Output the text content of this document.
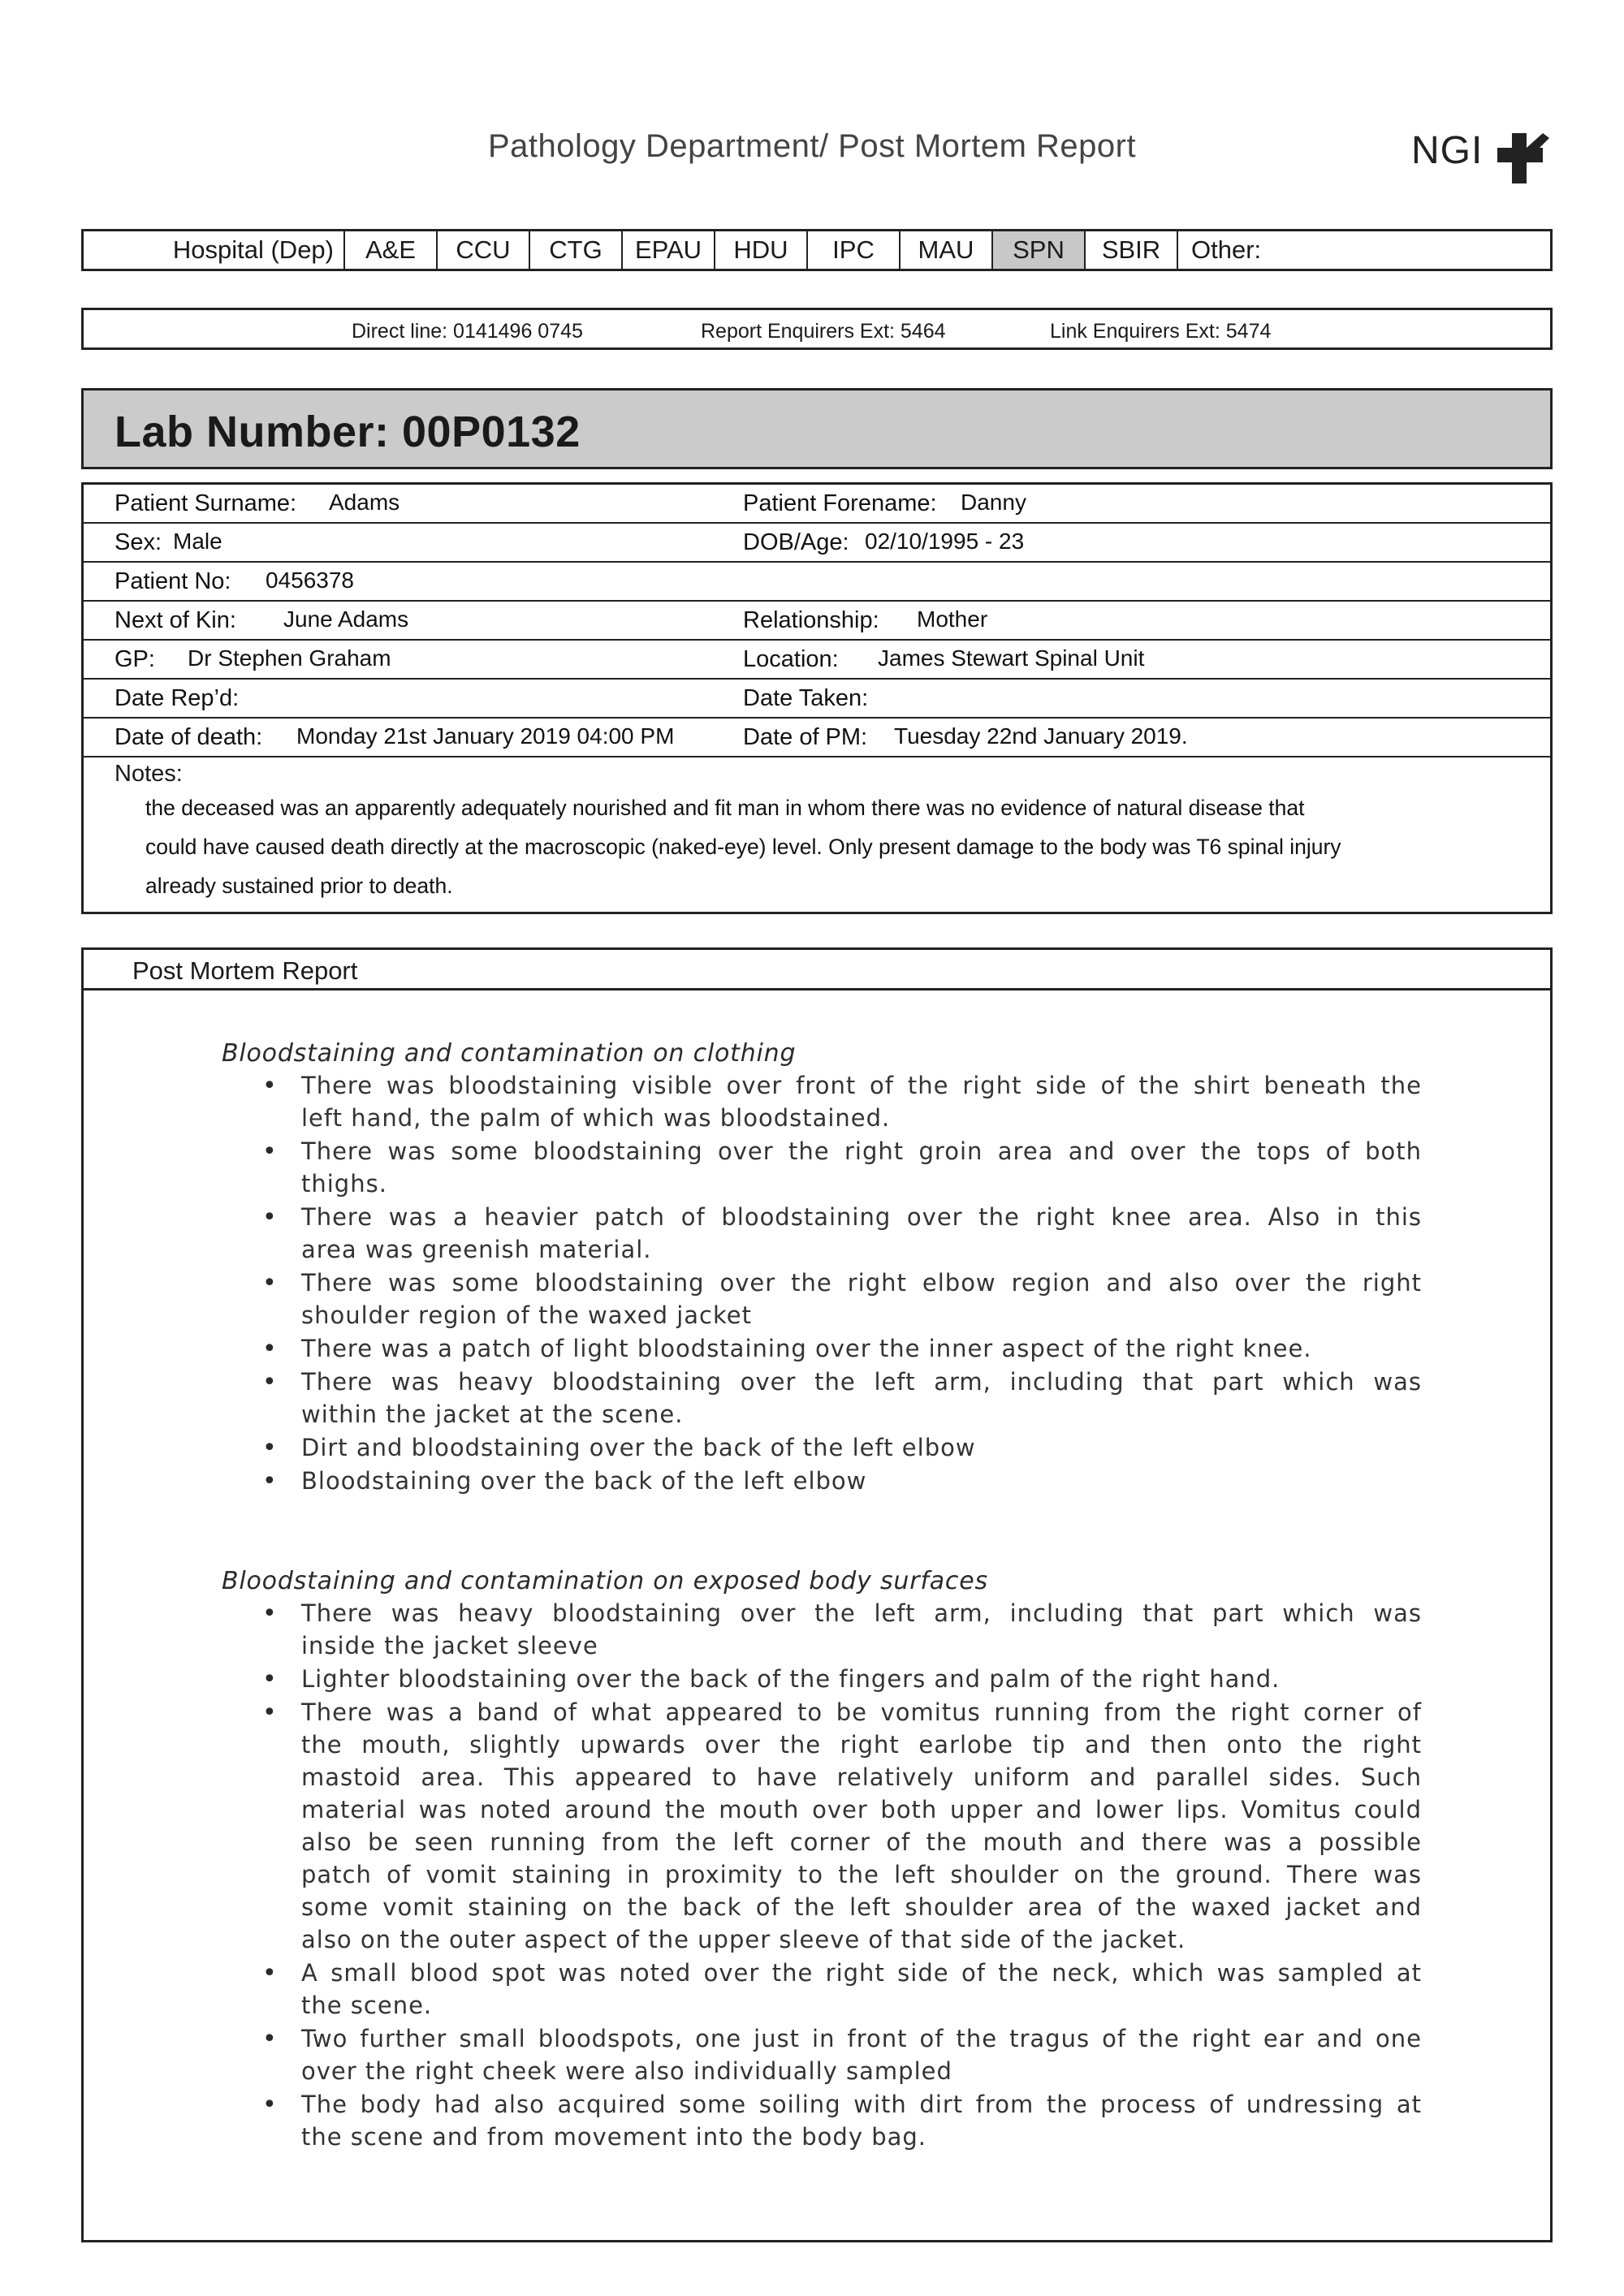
Pathology Department/ Post Mortem Report	NGI
Hospital (Dep) A&E CCU CTG EPAU HDU IPC MAU SPN SBIR Other:
Direct line: 0141496 0745	Report Enquirers Ext: 5464	Link Enquirers Ext: 5474
Lab Number: 00P0132
Patient Surname: Adams	Patient Forename: Danny
Sex: Male	DOB/Age: 02/10/1995 - 23
Patient No: 0456378
Next of Kin: June Adams	Relationship: Mother
GP: Dr Stephen Graham	Location: James Stewart Spinal Unit
Date Rep’d:	Date Taken:
Date of death: Monday 21st January 2019 04:00 PM	Date of PM: Tuesday 22nd January 2019.
Notes:
the deceased was an apparently adequately nourished and fit man in whom there was no evidence of natural disease that
could have caused death directly at the macroscopic (naked-eye) level. Only present damage to the body was T6 spinal injury
already sustained prior to death.
Post Mortem Report
Bloodstaining and contamination on clothing
• There was bloodstaining visible over front of the right side of the shirt beneath the
left hand, the palm of which was bloodstained.
• There was some bloodstaining over the right groin area and over the tops of both
thighs.
• There was a heavier patch of bloodstaining over the right knee area. Also in this
area was greenish material.
• There was some bloodstaining over the right elbow region and also over the right
shoulder region of the waxed jacket
• There was a patch of light bloodstaining over the inner aspect of the right knee.
• There was heavy bloodstaining over the left arm, including that part which was
within the jacket at the scene.
• Dirt and bloodstaining over the back of the left elbow
• Bloodstaining over the back of the left elbow
Bloodstaining and contamination on exposed body surfaces
• There was heavy bloodstaining over the left arm, including that part which was
inside the jacket sleeve
• Lighter bloodstaining over the back of the fingers and palm of the right hand.
• There was a band of what appeared to be vomitus running from the right corner of
the mouth, slightly upwards over the right earlobe tip and then onto the right
mastoid area. This appeared to have relatively uniform and parallel sides. Such
material was noted around the mouth over both upper and lower lips. Vomitus could
also be seen running from the left corner of the mouth and there was a possible
patch of vomit staining in proximity to the left shoulder on the ground. There was
some vomit staining on the back of the left shoulder area of the waxed jacket and
also on the outer aspect of the upper sleeve of that side of the jacket.
• A small blood spot was noted over the right side of the neck, which was sampled at
the scene.
• Two further small bloodspots, one just in front of the tragus of the right ear and one
over the right cheek were also individually sampled
• The body had also acquired some soiling with dirt from the process of undressing at
the scene and from movement into the body bag.
